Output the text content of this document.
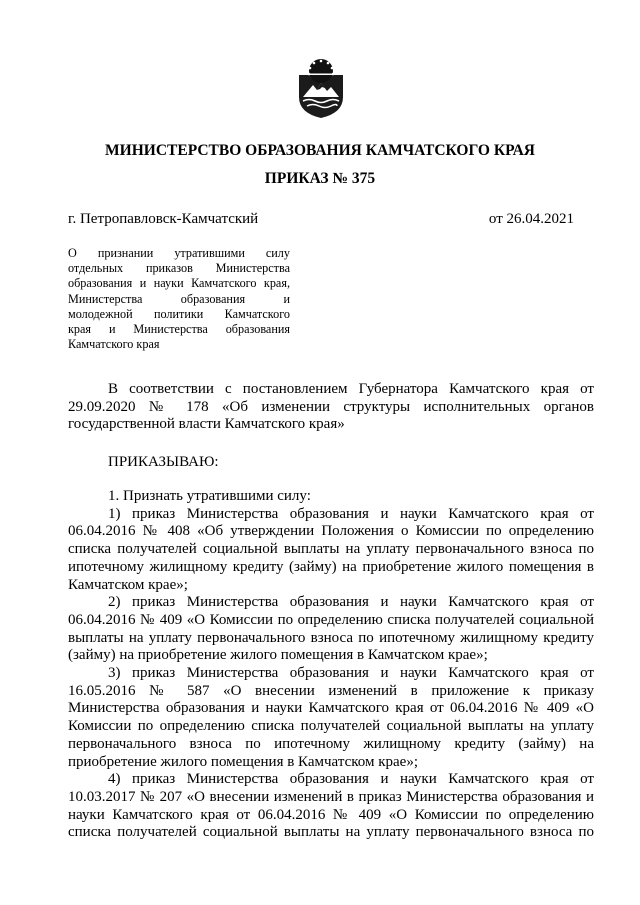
МИНИСТЕРСТВО ОБРАЗОВАНИЯ КАМЧАТСКОГО КРАЯ
ПРИКАЗ № 375
г. Петропавловск-Камчатский	от 26.04.2021
О признании утратившими силу
отдельных приказов Министерства
образования и науки Камчатского края,
Министерства образования и
молодежной политики Камчатского
края и Министерства образования
Камчатского края
В соответствии с постановлением Губернатора Камчатского края от
29.09.2020 № 178 «Об изменении структуры исполнительных органов
государственной власти Камчатского края»
ПРИКАЗЫВАЮ:
1. Признать утратившими силу:
1) приказ Министерства образования и науки Камчатского края от
06.04.2016 № 408 «Об утверждении Положения о Комиссии по определению
списка получателей социальной выплаты на уплату первоначального взноса по
ипотечному жилищному кредиту (займу) на приобретение жилого помещения в
Камчатском крае»;
2) приказ Министерства образования и науки Камчатского края от
06.04.2016 № 409 «О Комиссии по определению списка получателей социальной
выплаты на уплату первоначального взноса по ипотечному жилищному кредиту
(займу) на приобретение жилого помещения в Камчатском крае»;
3) приказ Министерства образования и науки Камчатского края от
16.05.2016 № 587 «О внесении изменений в приложение к приказу
Министерства образования и науки Камчатского края от 06.04.2016 № 409 «О
Комиссии по определению списка получателей социальной выплаты на уплату
первоначального взноса по ипотечному жилищному кредиту (займу) на
приобретение жилого помещения в Камчатском крае»;
4) приказ Министерства образования и науки Камчатского края от
10.03.2017 № 207 «О внесении изменений в приказ Министерства образования и
науки Камчатского края от 06.04.2016 № 409 «О Комиссии по определению
списка получателей социальной выплаты на уплату первоначального взноса по
